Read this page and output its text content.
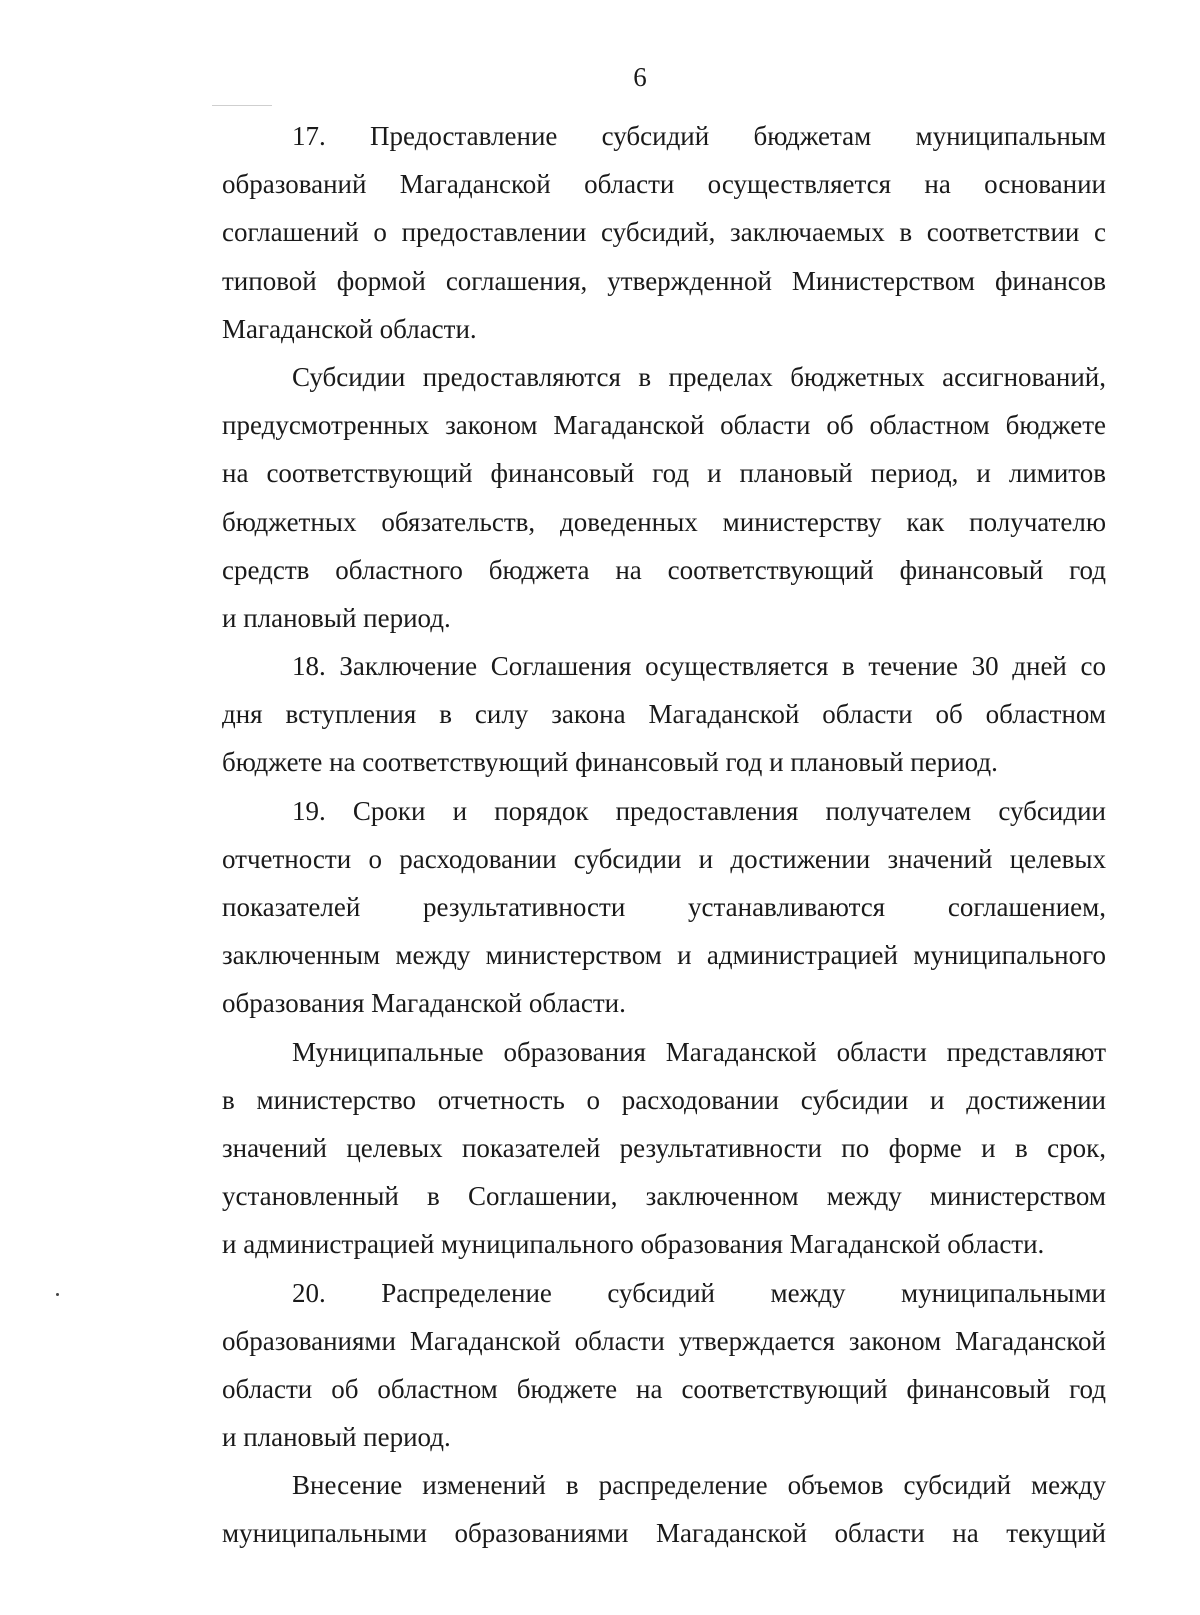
6
17. Предоставление субсидий бюджетам муниципальным
образований Магаданской области осуществляется на основании
соглашений о предоставлении субсидий, заключаемых в соответствии с
типовой формой соглашения, утвержденной Министерством финансов
Магаданской области.
Субсидии предоставляются в пределах бюджетных ассигнований,
предусмотренных законом Магаданской области об областном бюджете
на соответствующий финансовый год и плановый период, и лимитов
бюджетных обязательств, доведенных министерству как получателю
средств областного бюджета на соответствующий финансовый год
и плановый период.
18. Заключение Соглашения осуществляется в течение 30 дней со
дня вступления в силу закона Магаданской области об областном
бюджете на соответствующий финансовый год и плановый период.
19. Сроки и порядок предоставления получателем субсидии
отчетности о расходовании субсидии и достижении значений целевых
показателей результативности устанавливаются соглашением,
заключенным между министерством и администрацией муниципального
образования Магаданской области.
Муниципальные образования Магаданской области представляют
в министерство отчетность о расходовании субсидии и достижении
значений целевых показателей результативности по форме и в срок,
установленный в Соглашении, заключенном между министерством
и администрацией муниципального образования Магаданской области.
20. Распределение субсидий между муниципальными
образованиями Магаданской области утверждается законом Магаданской
области об областном бюджете на соответствующий финансовый год
и плановый период.
Внесение изменений в распределение объемов субсидий между
муниципальными образованиями Магаданской области на текущий
